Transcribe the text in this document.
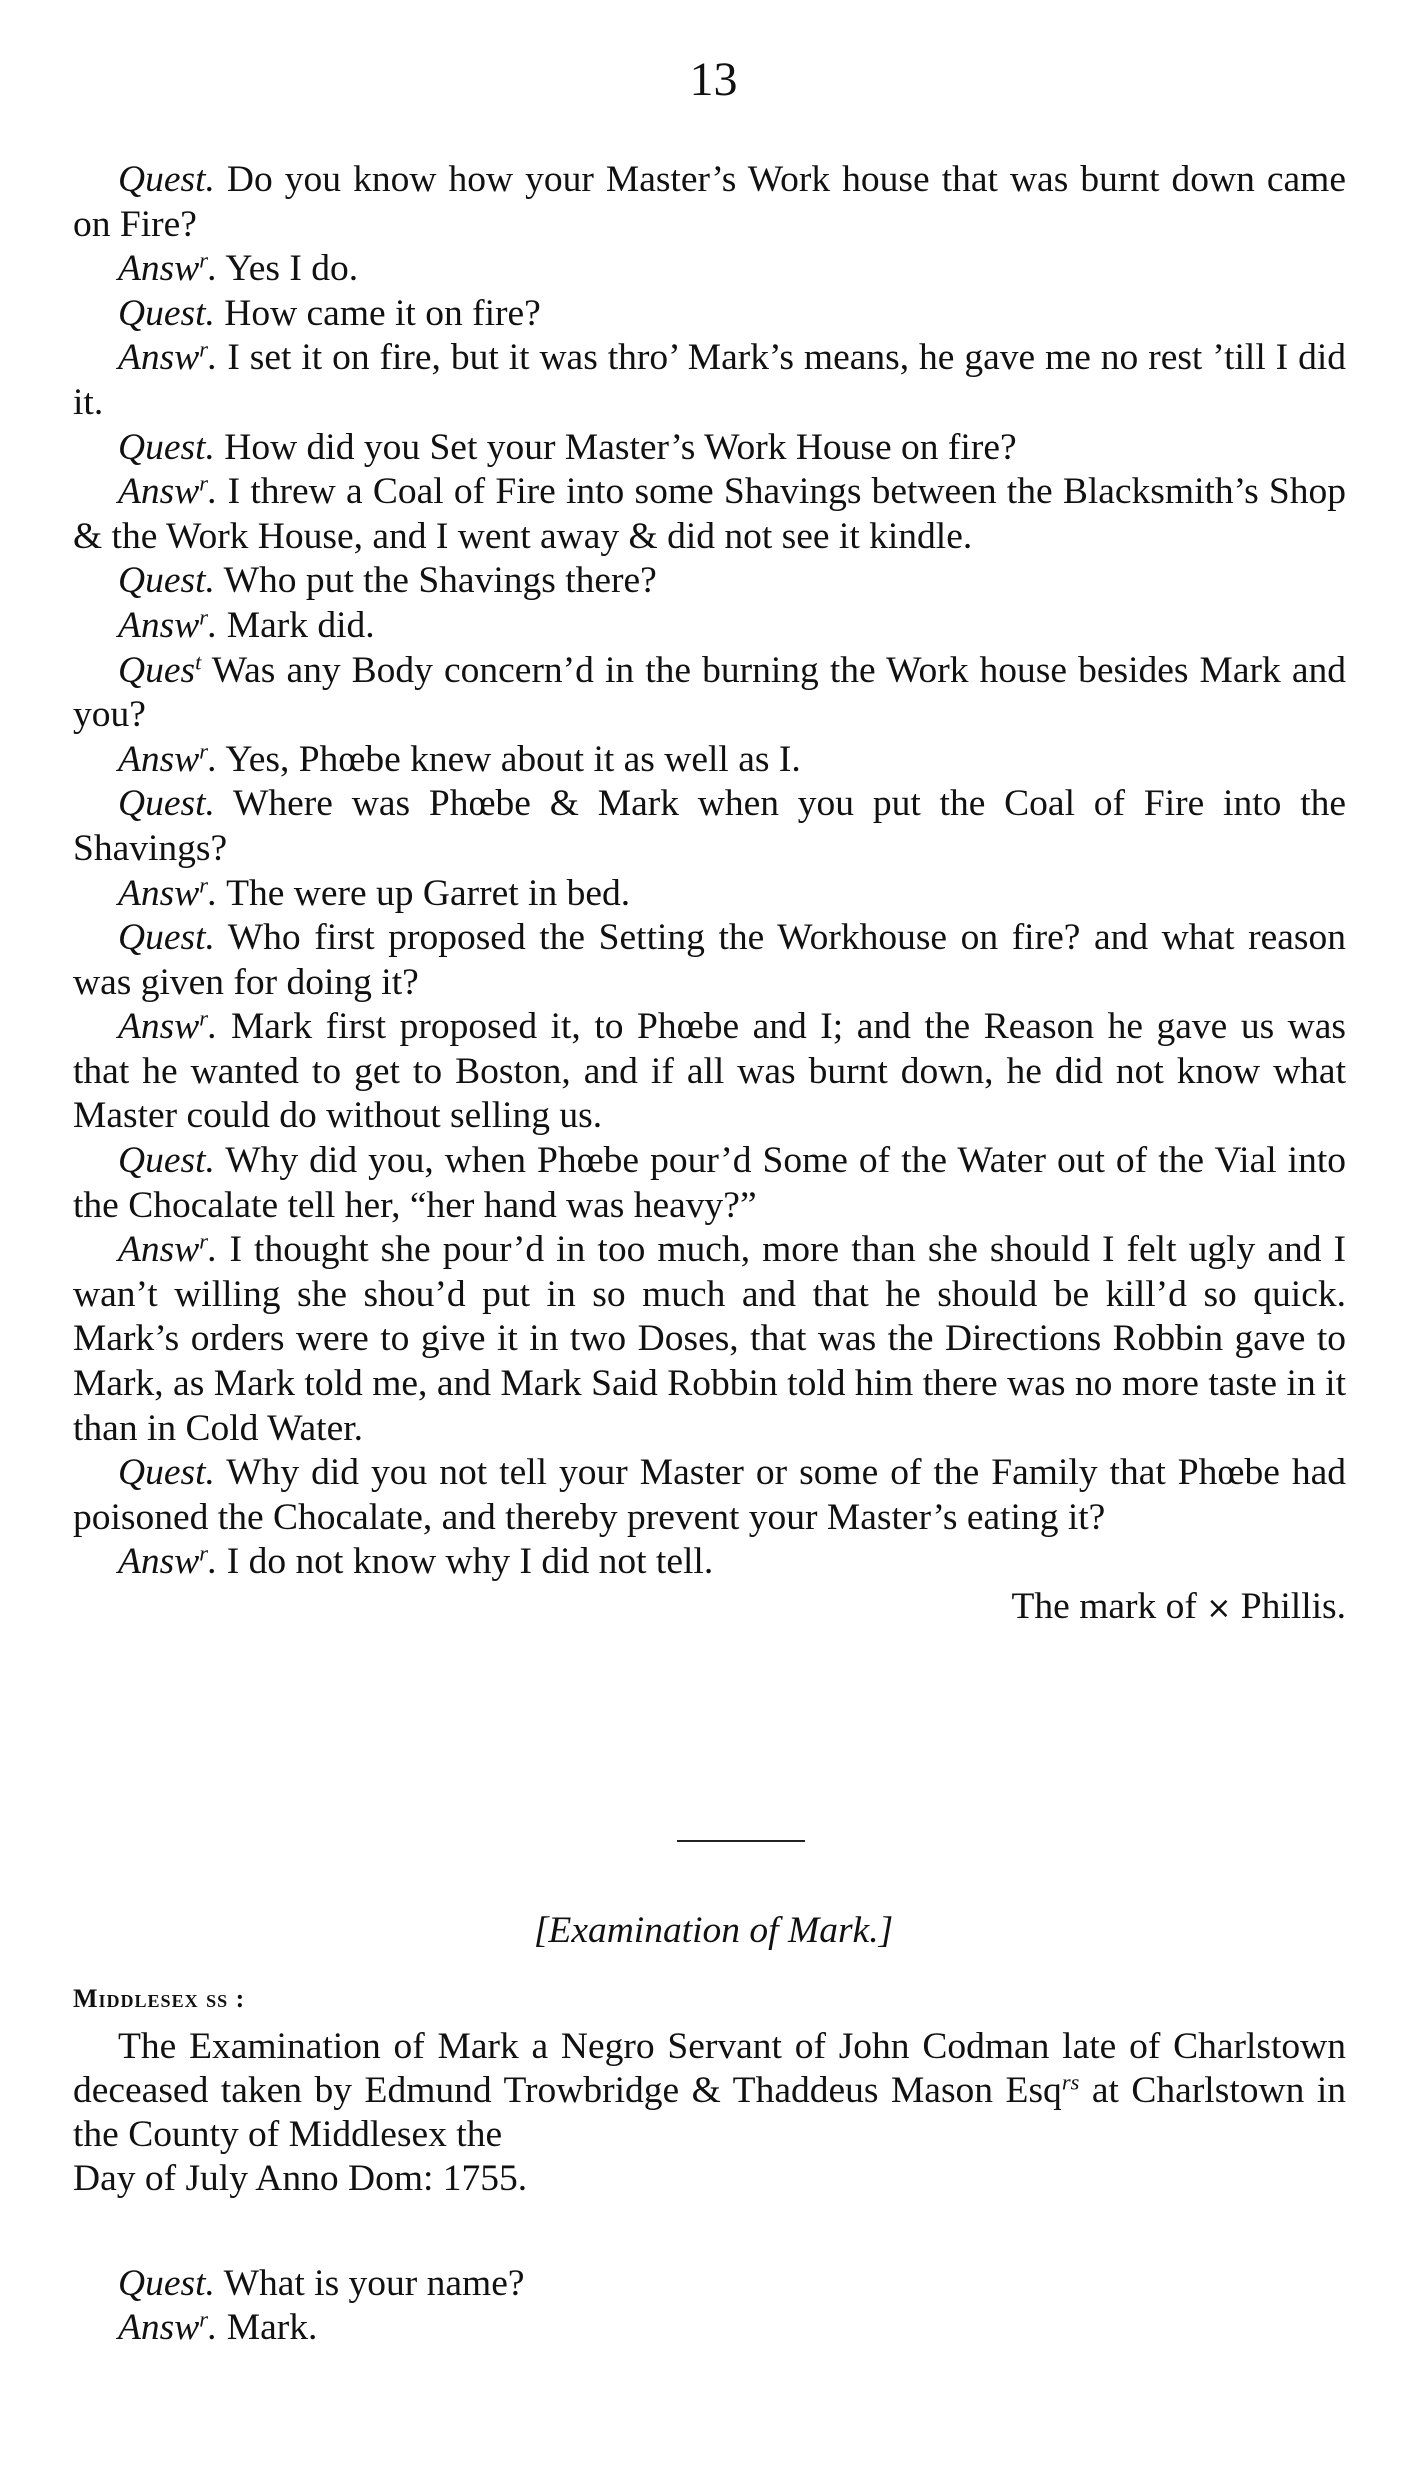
13

Quest. Do you know how your Master’s Work house that was burnt down came on Fire?

Answ$^r$. Yes I do.

Quest. How came it on fire?

Answ$^r$. I set it on fire, but it was thro’ Mark’s means, he gave me no rest ’till I did it.

Quest. How did you Set your Master’s Work House on fire?

Answ$^r$. I threw a Coal of Fire into some Shavings between the Blacksmith’s Shop & the Work House, and I went away & did not see it kindle.

Quest. Who put the Shavings there?

Answ$^r$. Mark did.

Ques$^t$ Was any Body concern’d in the burning the Work house besides Mark and you?

Answ$^r$. Yes, Phœbe knew about it as well as I.

Quest. Where was Phœbe & Mark when you put the Coal of Fire into the Shavings?

Answ$^r$. The were up Garret in bed.

Quest. Who first proposed the Setting the Workhouse on fire? and what reason was given for doing it?

Answ$^r$. Mark first proposed it, to Phœbe and I; and the Reason he gave us was that he wanted to get to Boston, and if all was burnt down, he did not know what Master could do without selling us.

Quest. Why did you, when Phœbe pour’d Some of the Water out of the Vial into the Chocalate tell her, “her hand was heavy?”

Answ$^r$. I thought she pour’d in too much, more than she should I felt ugly and I wan’t willing she shou’d put in so much and that he should be kill’d so quick. Mark’s orders were to give it in two Doses, that was the Directions Robbin gave to Mark, as Mark told me, and Mark Said Robbin told him there was no more taste in it than in Cold Water.

Quest. Why did you not tell your Master or some of the Family that Phœbe had poisoned the Chocalate, and thereby prevent your Master’s eating it?

Answ$^r$. I do not know why I did not tell.

The mark of × Phillis.

[Examination of Mark.]
Middlesex ss :

The Examination of Mark a Negro Servant of John Codman late of Charlstown deceased taken by Edmund Trowbridge & Thaddeus Mason Esq$^{rs}$ at Charlstown in the County of Middlesex the

Day of July Anno Dom: 1755.

Quest. What is your name?

Answ$^r$. Mark.
